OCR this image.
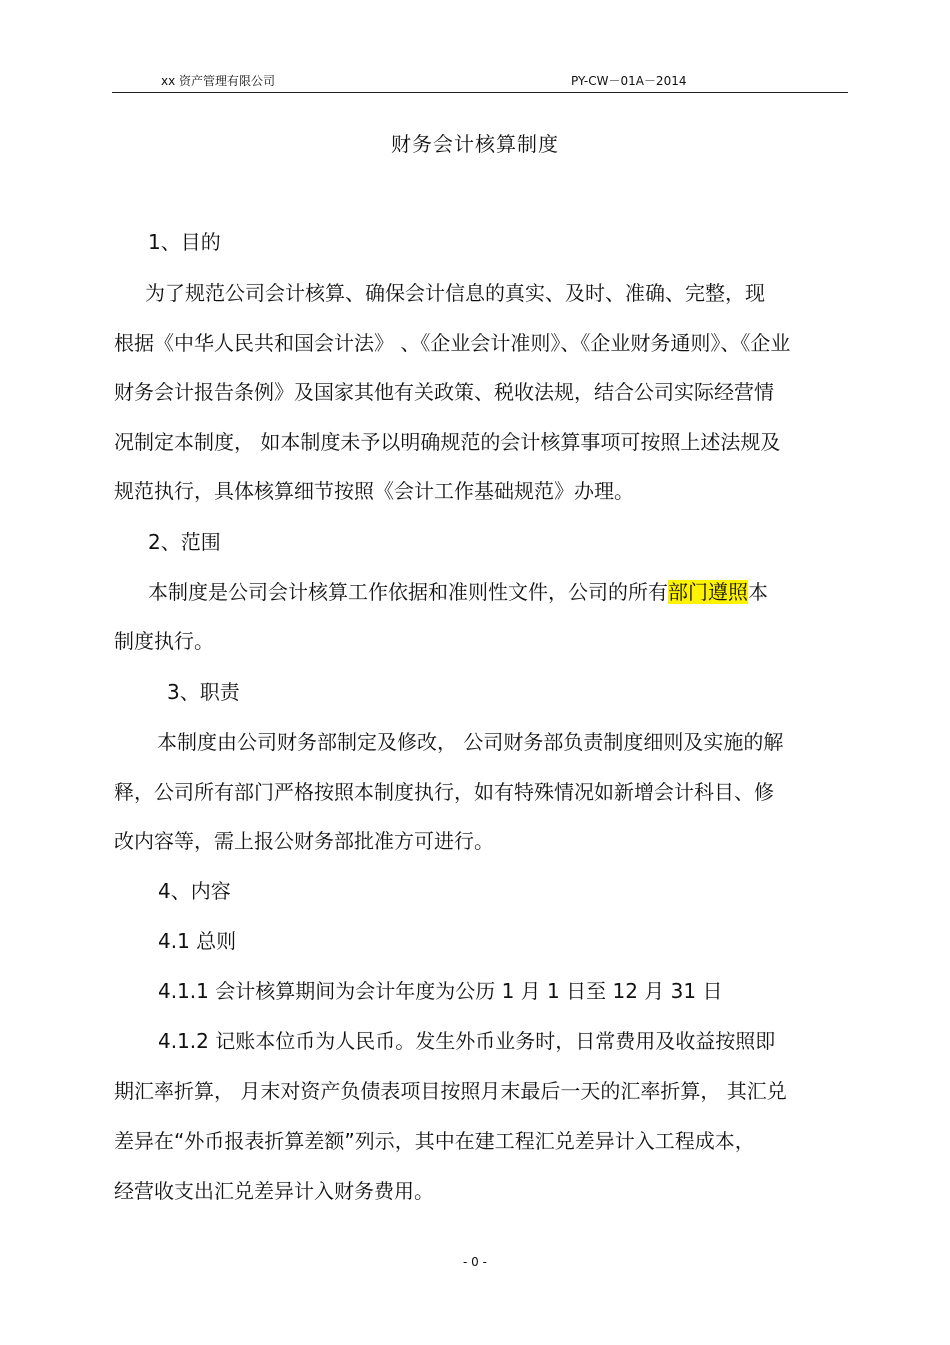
xx 资产管理有限公司	PY-CW－01A－2014
财务会计核算制度
1、目的
为了规范公司会计核算、确保会计信息的真实、及时、准确、完整，现
根据《中华人民共和国会计法》 、《企业会计准则》、《企业财务通则》、《企业
财务会计报告条例》及国家其他有关政策、税收法规，结合公司实际经营情
况制定本制度， 如本制度未予以明确规范的会计核算事项可按照上述法规及
规范执行，具体核算细节按照《会计工作基础规范》办理。
2、范围
本制度是公司会计核算工作依据和准则性文件，公司的所有部门遵照本
制度执行。
3、职责
本制度由公司财务部制定及修改， 公司财务部负责制度细则及实施的解
释，公司所有部门严格按照本制度执行，如有特殊情况如新增会计科目、修
改内容等，需上报公财务部批准方可进行。
4、内容
4.1 总则
4.1.1 会计核算期间为会计年度为公历 1 月 1 日至 12 月 31 日
4.1.2 记账本位币为人民币。发生外币业务时，日常费用及收益按照即
期汇率折算， 月末对资产负债表项目按照月末最后一天的汇率折算， 其汇兑
差异在“外币报表折算差额”列示，其中在建工程汇兑差异计入工程成本，
经营收支出汇兑差异计入财务费用。
- 0 -
